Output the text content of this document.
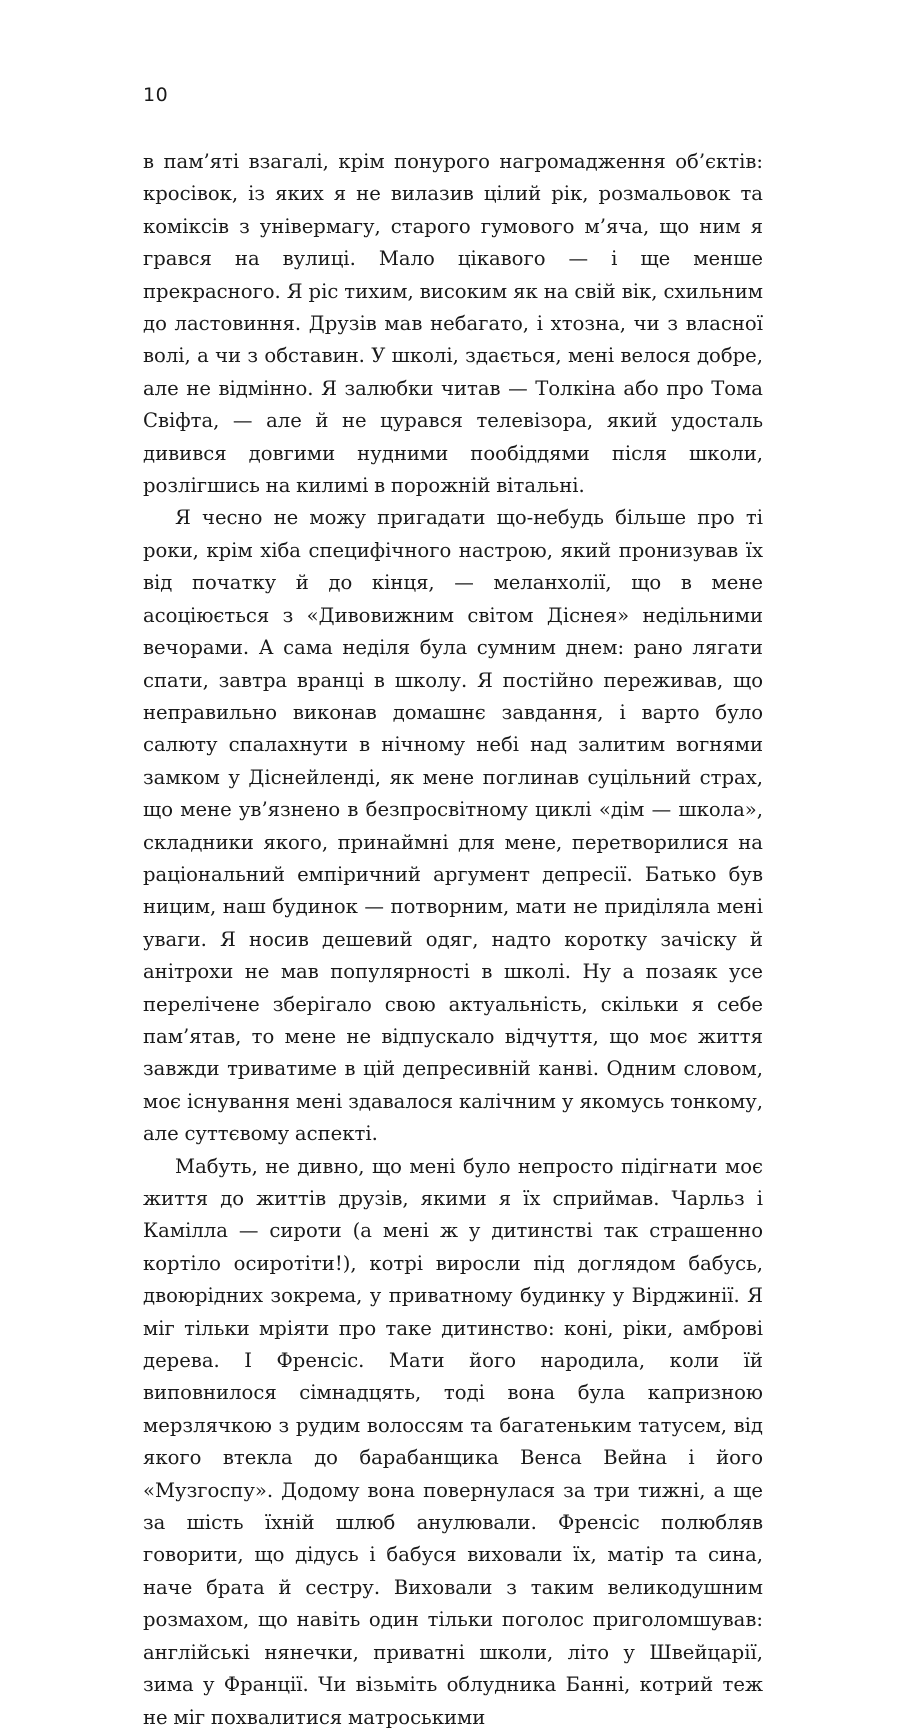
10

в пам’яті взагалі, крім понурого нагромадження об’єктів: кросівок, із яких я не вилазив цілий рік, розмальовок та коміксів з універмагу, старого гумового м’яча, що ним я грався на вулиці. Мало цікавого — і ще менше прекрасного. Я ріс тихим, високим як на свій вік, схильним до ластовиння. Друзів мав небагато, і хтозна, чи з власної волі, а чи з обставин. У школі, здається, мені велося добре, але не відмінно. Я залюбки читав — Толкіна або про Тома Свіфта, — але й не цурався телевізора, який удосталь дивився довгими нудними пообіддями після школи, розлігшись на килимі в порожній вітальні.

Я чесно не можу пригадати що-небудь більше про ті роки, крім хіба специфічного настрою, який пронизував їх від початку й до кінця, — меланхолії, що в мене асоціюється з «Дивовижним світом Діснея» недільними вечорами. А сама неділя була сумним днем: рано лягати спати, завтра вранці в школу. Я постійно переживав, що неправильно виконав домашнє завдання, і варто було салюту спалахнути в нічному небі над залитим вогнями замком у Діснейленді, як мене поглинав суцільний страх, що мене ув’язнено в безпросвітному циклі «дім — школа», складники якого, принаймні для мене, перетворилися на раціональний емпіричний аргумент депресії. Батько був ницим, наш будинок — потворним, мати не приділяла мені уваги. Я носив дешевий одяг, надто коротку зачіску й анітрохи не мав популярності в школі. Ну а позаяк усе перелічене зберігало свою актуальність, скільки я себе пам’ятав, то мене не відпускало відчуття, що моє життя завжди триватиме в цій депресивній канві. Одним словом, моє існування мені здавалося калічним у якомусь тонкому, але суттєвому аспекті.

Мабуть, не дивно, що мені було непросто підігнати моє життя до життів друзів, якими я їх сприймав. Чарльз і Камілла — сироти (а мені ж у дитинстві так страшенно кортіло осиротіти!), котрі виросли під доглядом бабусь, двоюрідних зокрема, у приватному будинку у Вірджинії. Я міг тільки мріяти про таке дитинство: коні, ріки, амброві дерева. І Френсіс. Мати його народила, коли їй виповнилося сімнадцять, тоді вона була капризною мерзлячкою з рудим волоссям та багатеньким татусем, від якого втекла до барабанщика Венса Вейна і його «Музгоспу». Додому вона повернулася за три тижні, а ще за шість їхній шлюб анулювали. Френсіс полюбляв говорити, що дідусь і бабуся виховали їх, матір та сина, наче брата й сестру. Виховали з таким великодушним розмахом, що навіть один тільки поголос приголомшував: англійські нянечки, приватні школи, літо у Швейцарії, зима у Франції. Чи візьміть облудника Банні, котрий теж не міг похвалитися матроськими
